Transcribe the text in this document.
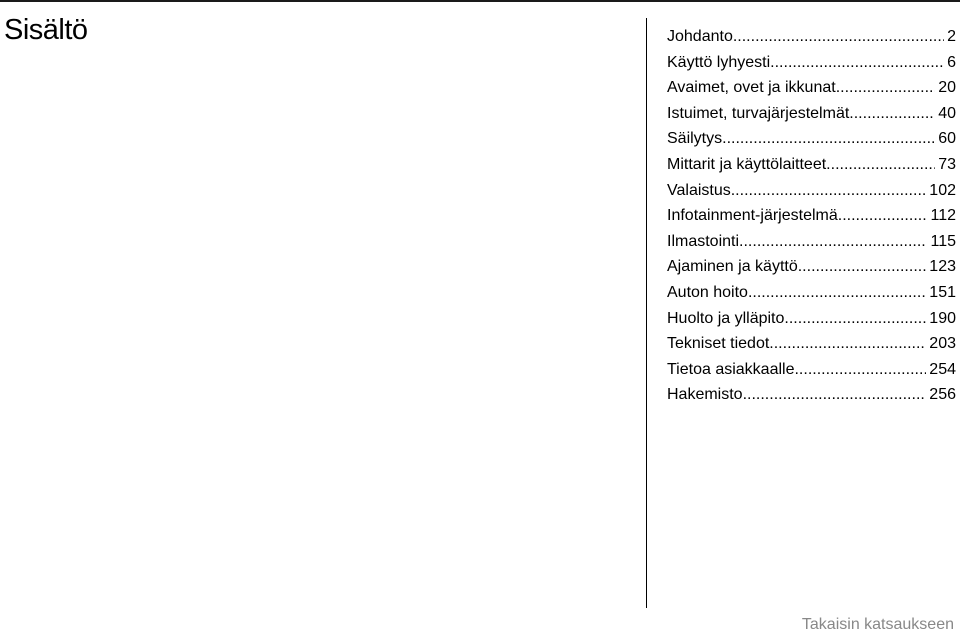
Sisältö	Johdanto .....	2
Käyttö lyhyesti .....	6
Avaimet, ovet ja ikkunat .....	20
Istuimet, turvajärjestelmät .....	40
Säilytys .....	60
Mittarit ja käyttölaitteet .....	73
Valaistus .....	102
Infotainment-järjestelmä .....	112
Ilmastointi .....	115
Ajaminen ja käyttö .....	123
Auton hoito .....	151
Huolto ja ylläpito .....	190
Tekniset tiedot .....	203
Tietoa asiakkaalle .....	254
Hakemisto .....	256
Takaisin katsaukseen
